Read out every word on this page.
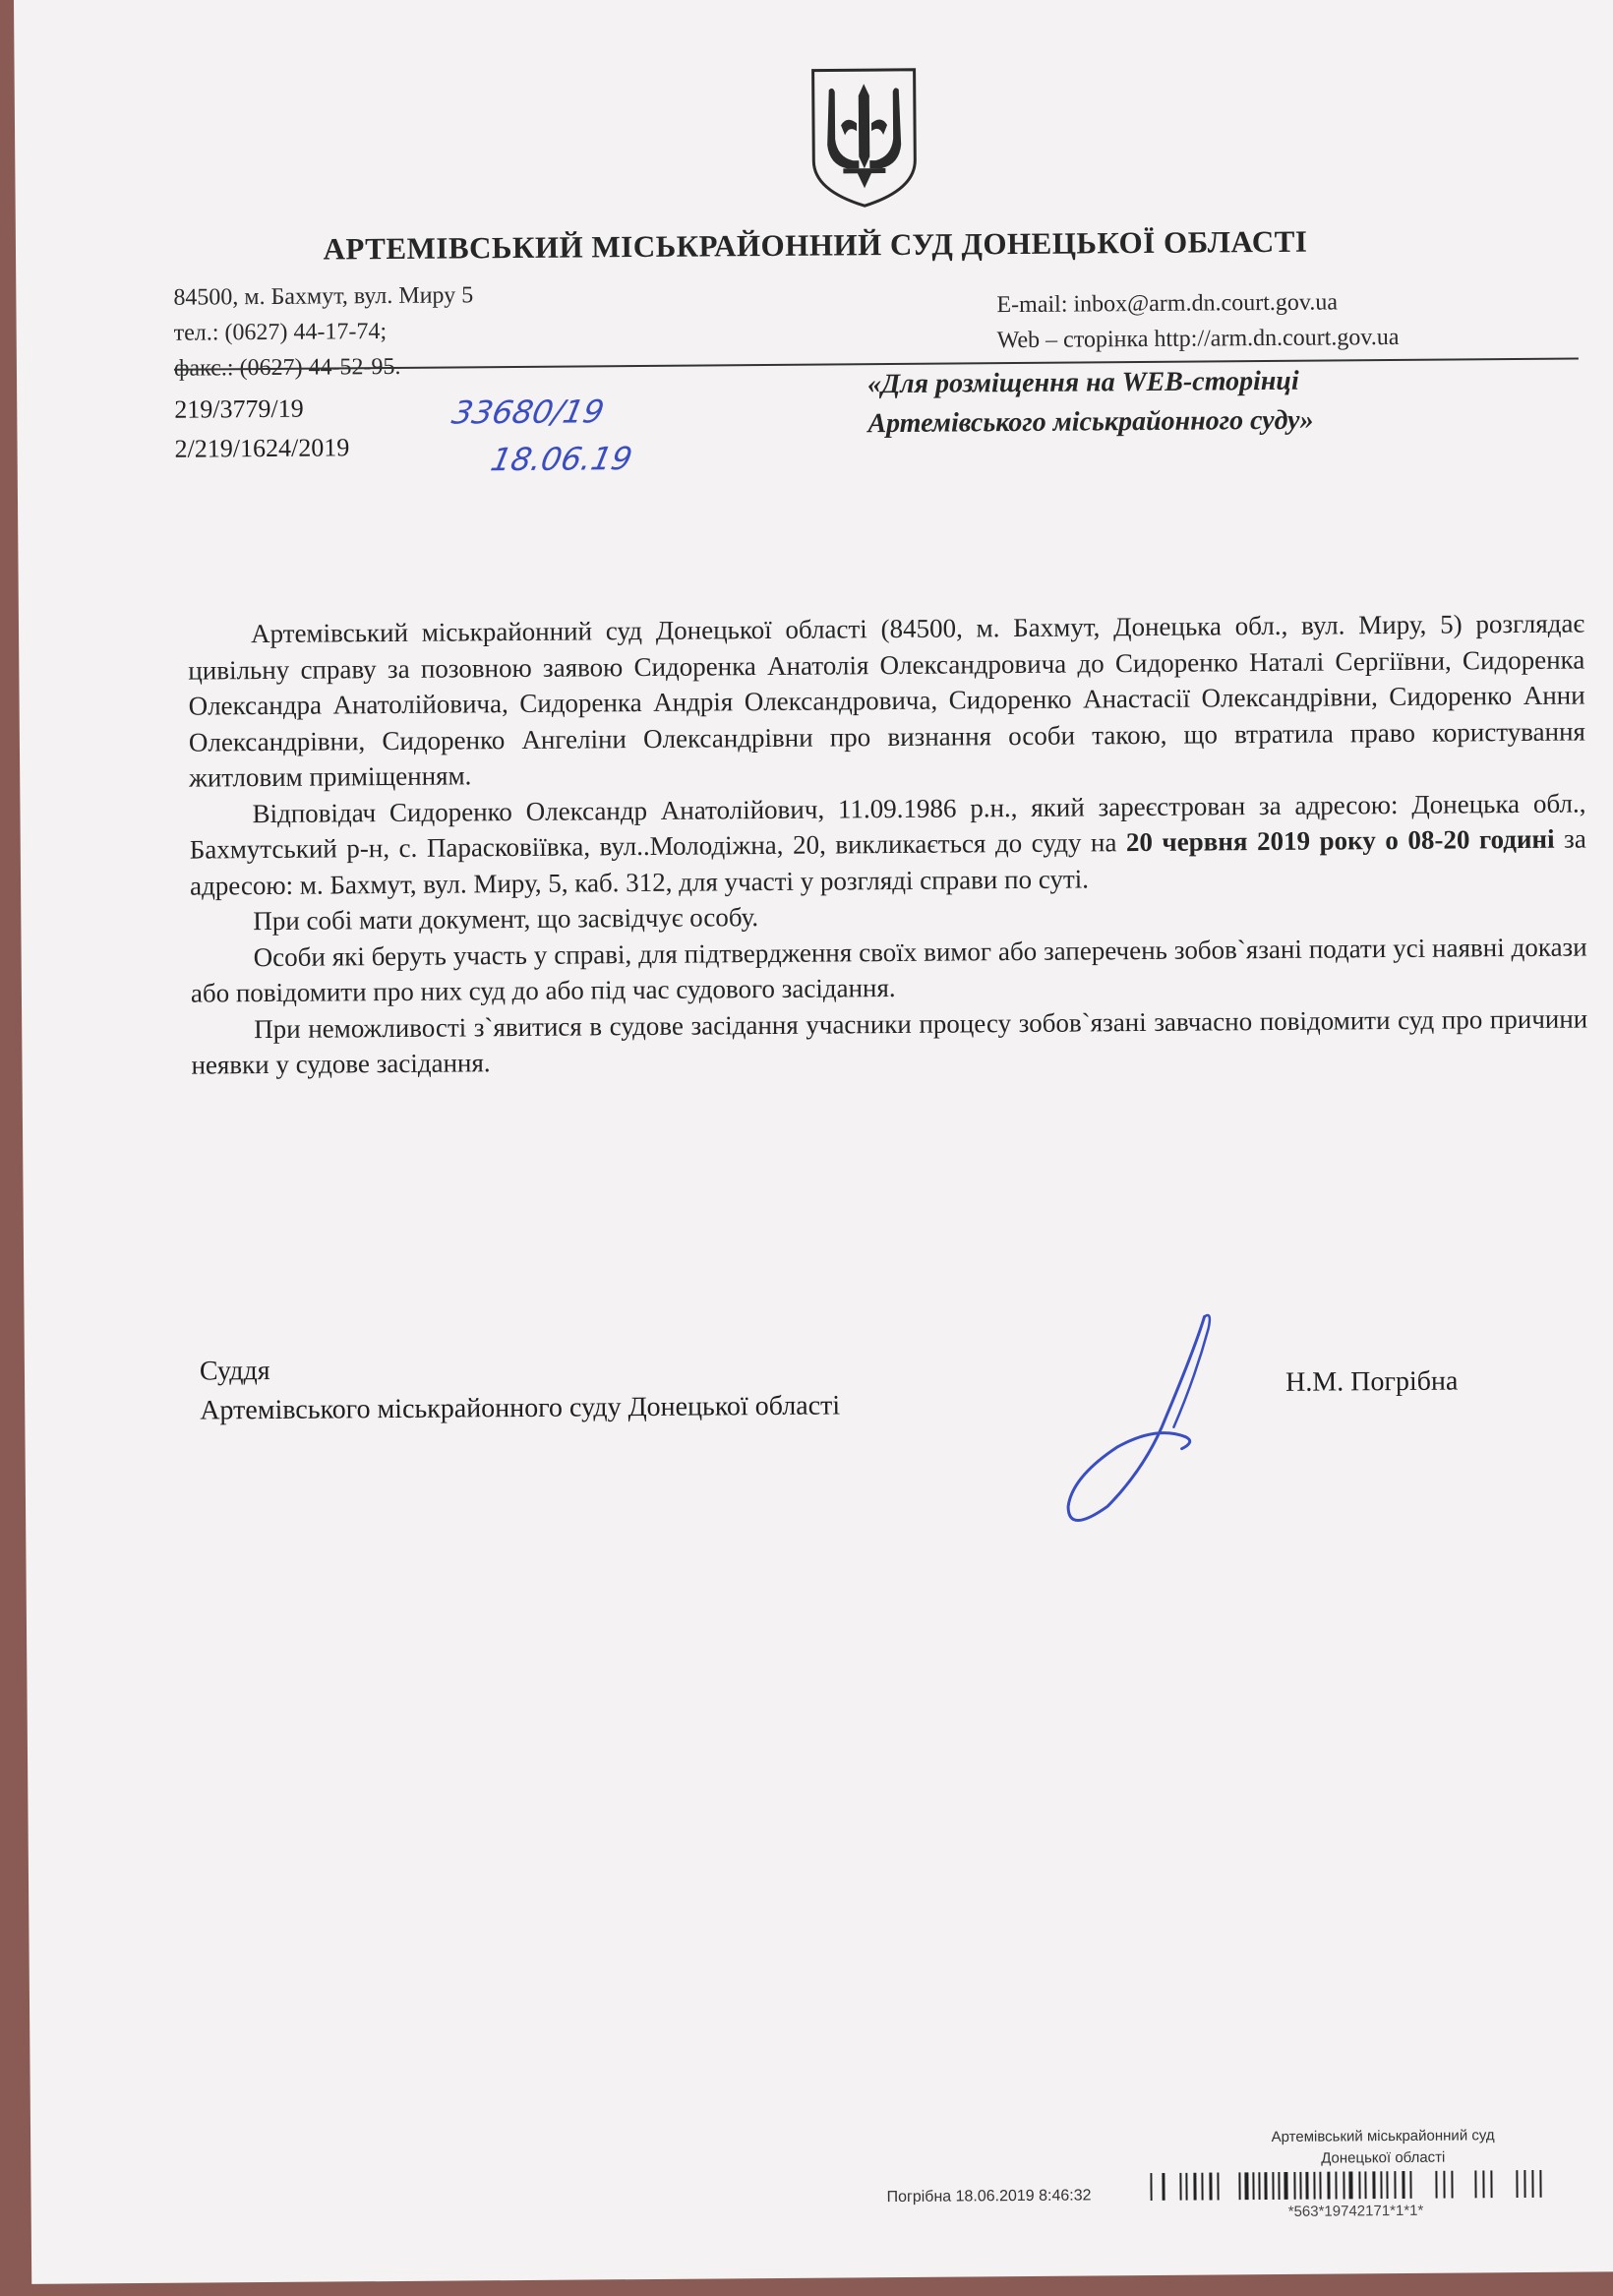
АРТЕМІВСЬКИЙ МІСЬКРАЙОННИЙ СУД ДОНЕЦЬКОЇ ОБЛАСТІ
84500, м. Бахмут, вул. Миру 5
тел.: (0627) 44-17-74;
факс.: (0627) 44-52-95.
E-mail: inbox@arm.dn.court.gov.ua
Web – сторінка http://arm.dn.court.gov.ua
219/3779/19
2/219/1624/2019
33680/19
18.06.19
«Для розміщення на WEB-сторінці
Артемівського міськрайонного суду»

Артемівський міськрайонний суд Донецької області (84500, м. Бахмут, Донецька обл., вул. Миру, 5) розглядає цивільну справу за позовною заявою Сидоренка Анатолія Олександровича до Сидоренко Наталі Сергіївни, Сидоренка Олександра Анатолійовича, Сидоренка Андрія Олександровича, Сидоренко Анастасії Олександрівни, Сидоренко Анни Олександрівни, Сидоренко Ангеліни Олександрівни про визнання особи такою, що втратила право користування житловим приміщенням.

Відповідач Сидоренко Олександр Анатолійович, 11.09.1986 р.н., який зареєстрован за адресою: Донецька обл., Бахмутський р-н, с. Парасковіївка, вул..Молодіжна, 20, викликається до суду на 20 червня 2019 року о 08-20 годині за адресою: м. Бахмут, вул. Миру, 5, каб. 312, для участі у розгляді справи по суті.

При собі мати документ, що засвідчує особу.

Особи які беруть участь у справі, для підтвердження своїх вимог або заперечень зобов`язані подати усі наявні докази або повідомити про них суд до або під час судового засідання.

При неможливості з`явитися в судове засідання учасники процесу зобов`язані завчасно повідомити суд про причини неявки у судове засідання.

Суддя
Артемівського міськрайонного суду Донецької області
Н.М. Погрібна
Артемівський міськрайонний суд
Донецької області
Погрібна 18.06.2019 8:46:32
*563*19742171*1*1*
